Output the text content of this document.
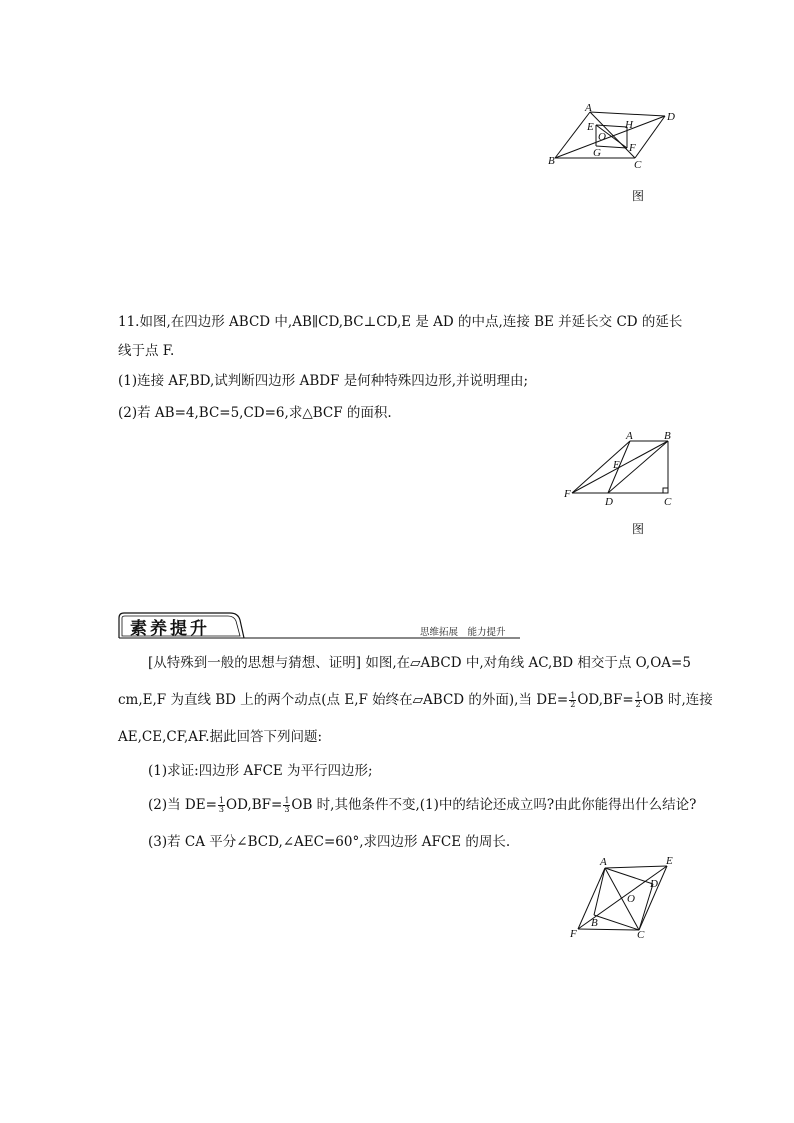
A
D
B	C
E	H
O
F
G
图
11.如图,在四边形 ABCD 中,AB∥CD,BC⊥CD,E 是 AD 的中点,连接 BE 并延长交 CD 的延长
线于点 F.
(1)连接 AF,BD,试判断四边形 ABDF 是何种特殊四边形,并说明理由;
(2)若 AB=4,BC=5,CD=6,求△BCF 的面积.
A	B
E
F
D	C
图
素养提升	思维拓展　能力提升
[从特殊到一般的思想与猜想、证明] 如图,在▱ABCD 中,对角线 AC,BD 相交于点 O,OA=5
cm,E,F 为直线 BD 上的两个动点(点 E,F 始终在▱ABCD 的外面),当 $DE= \frac{1}{2} OD,BF= \frac{1}{2}$ OB 时,连接
AE,CE,CF,AF.据此回答下列问题:
(1)求证:四边形 AFCE 为平行四边形;
(2)当 $DE= \frac{1}{3} OD,BF= \frac{1}{3}$ OB 时,其他条件不变,(1)中的结论还成立吗?由此你能得出什么结论?
(3)若 CA 平分∠BCD,∠AEC=60°,求四边形 AFCE 的周长.
A	E
D
O
B
F	C
